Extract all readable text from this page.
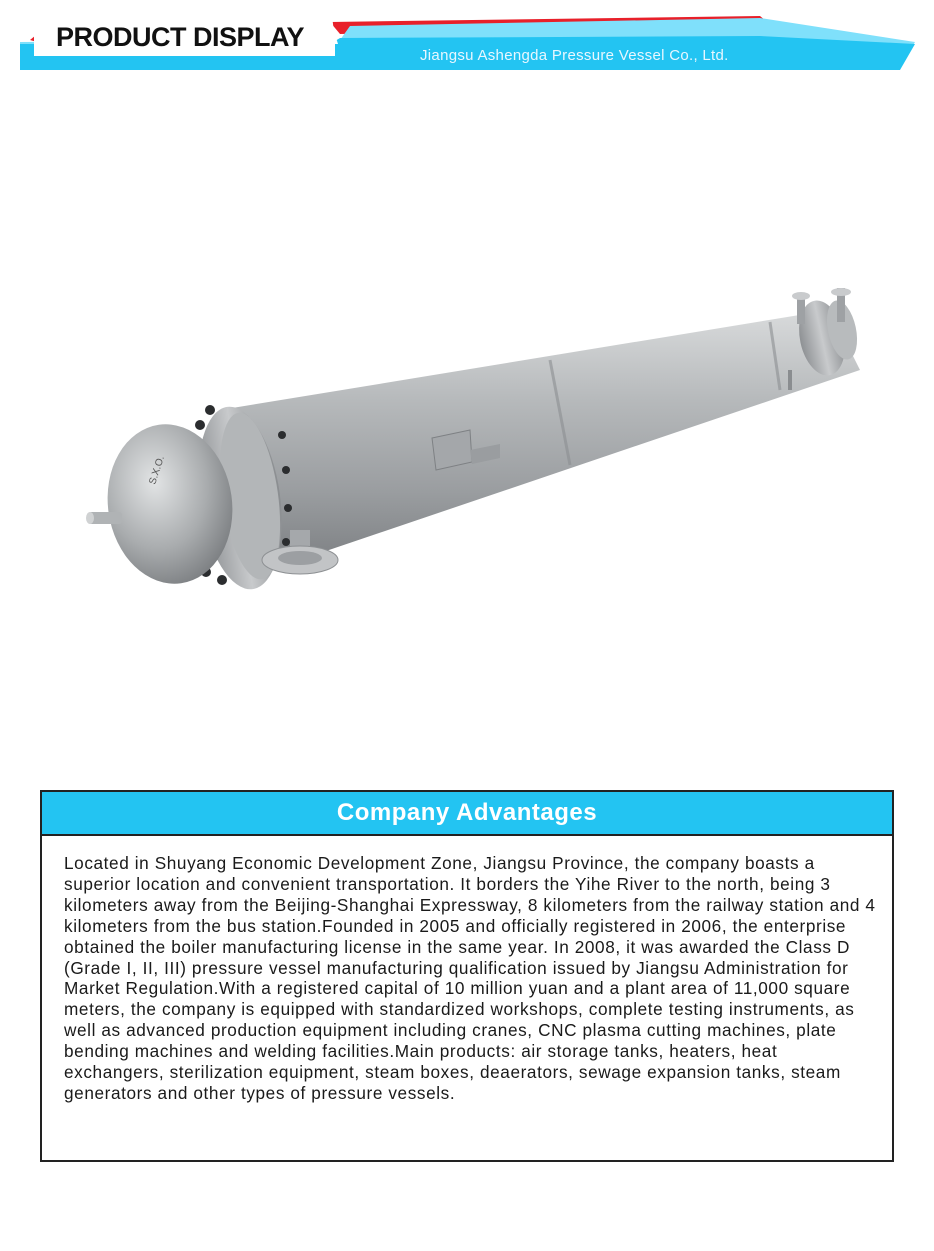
PRODUCT DISPLAY
Jiangsu Ashengda Pressure Vessel Co., Ltd.
S.X.O.
Company Advantages
Located in Shuyang Economic Development Zone, Jiangsu Province, the company boasts a superior location and convenient transportation. It borders the Yihe River to the north, being 3 kilometers away from the Beijing-Shanghai Expressway, 8 kilometers from the railway station and 4 kilometers from the bus station.Founded in 2005 and officially registered in 2006, the enterprise obtained the boiler manufacturing license in the same year. In 2008, it was awarded the Class D (Grade I, II, III) pressure vessel manufacturing qualification issued by Jiangsu Administration for Market Regulation.With a registered capital of 10 million yuan and a plant area of 11,000 square meters, the company is equipped with standardized workshops, complete testing instruments, as well as advanced production equipment including cranes, CNC plasma cutting machines, plate bending machines and welding facilities.Main products: air storage tanks, heaters, heat exchangers, sterilization equipment, steam boxes, deaerators, sewage expansion tanks, steam generators and other types of pressure vessels.
